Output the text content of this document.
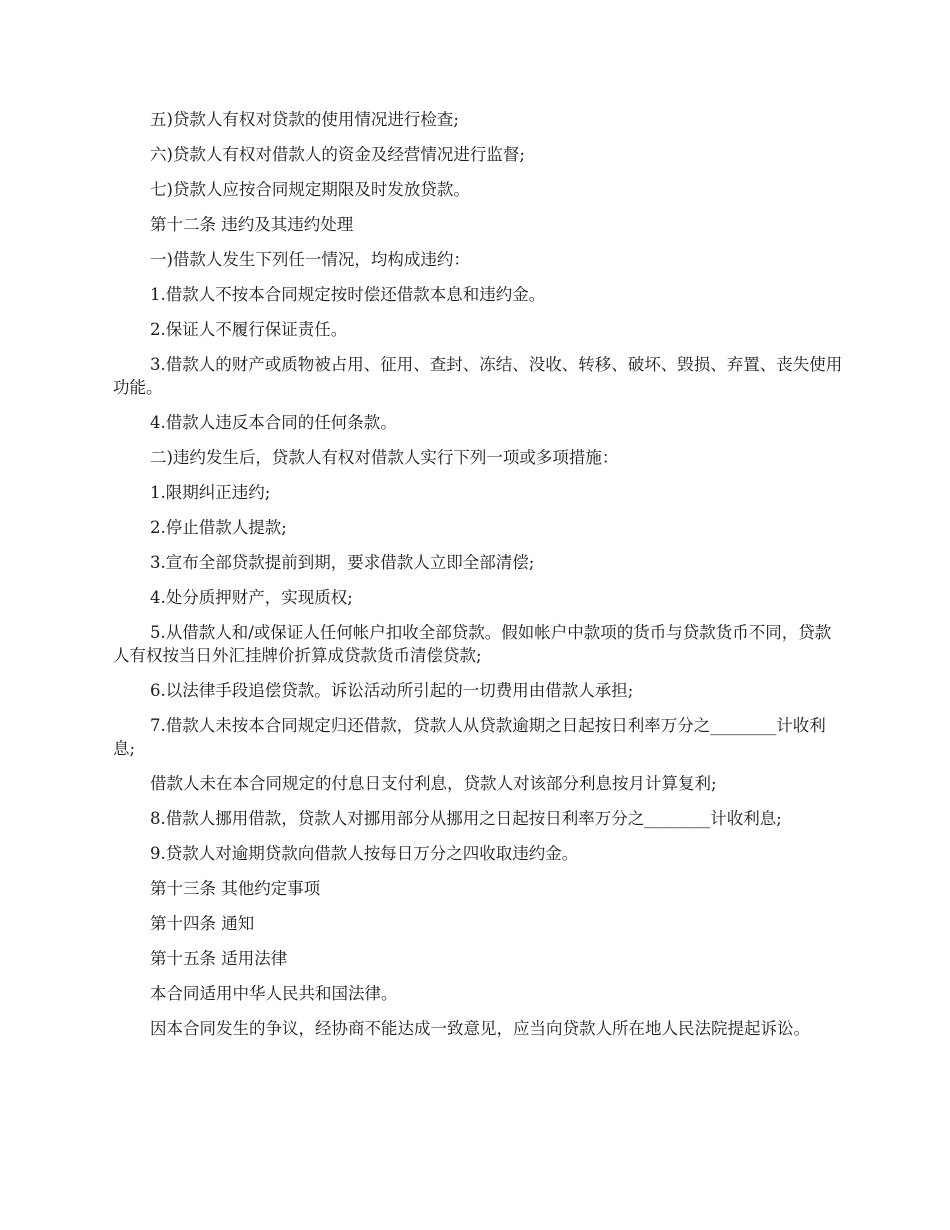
五)贷款人有权对贷款的使用情况进行检查;

六)贷款人有权对借款人的资金及经营情况进行监督;

七)贷款人应按合同规定期限及时发放贷款。

第十二条 违约及其违约处理

一)借款人发生下列任一情况，均构成违约：

1.借款人不按本合同规定按时偿还借款本息和违约金。

2.保证人不履行保证责任。

3.借款人的财产或质物被占用、征用、查封、冻结、没收、转移、破坏、毁损、弃置、丧失使用功能。

4.借款人违反本合同的任何条款。

二)违约发生后，贷款人有权对借款人实行下列一项或多项措施：

1.限期纠正违约;

2.停止借款人提款;

3.宣布全部贷款提前到期，要求借款人立即全部清偿;

4.处分质押财产，实现质权;

5.从借款人和/或保证人任何帐户扣收全部贷款。假如帐户中款项的货币与贷款货币不同，贷款人有权按当日外汇挂牌价折算成贷款货币清偿贷款;

6.以法律手段追偿贷款。诉讼活动所引起的一切费用由借款人承担;

7.借款人未按本合同规定归还借款，贷款人从贷款逾期之日起按日利率万分之________计收利息;

借款人未在本合同规定的付息日支付利息，贷款人对该部分利息按月计算复利;

8.借款人挪用借款，贷款人对挪用部分从挪用之日起按日利率万分之________计收利息;

9.贷款人对逾期贷款向借款人按每日万分之四收取违约金。

第十三条 其他约定事项

第十四条 通知

第十五条 适用法律

本合同适用中华人民共和国法律。

因本合同发生的争议，经协商不能达成一致意见，应当向贷款人所在地人民法院提起诉讼。
